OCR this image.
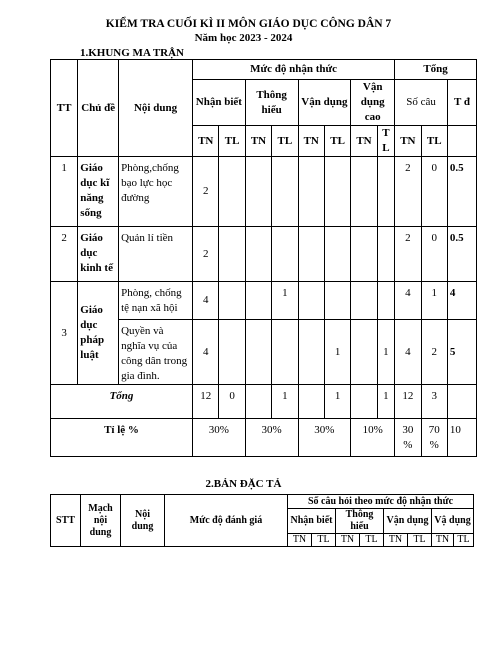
KIỂM TRA CUỐI KÌ II MÔN GIÁO DỤC CÔNG DÂN 7
Năm học 2023 - 2024
1.KHUNG MA TRẬN
TT	Chủ đề	Nội dung	Mức độ nhận thức								Tổng		
			Nhận biết		Thông hiểu		Vận dụng		Vận dụng cao		Số câu		T đ
			TN	TL	TN	TL	TN	TL	TN	T L	TN	TL	
1	Giáo dục kĩ năng sống	Phòng,chống bạo lực học đường	2								2	0	0.5
2	Giáo dục kinh tế	Quản lí tiền	2								2	0	0.5
3	Giáo dục pháp luật	Phòng, chống tệ nạn xã hội	4			1					4	1	4
		Quyền và nghĩa vụ của công dân trong gia đình.	4					1		1	4	2	5
Tổng			12	0		1		1		1	12	3	
Tỉ lệ %			30%		30%		30%		10%		30 %	70 %	10
2.BẢN ĐẶC TẢ
STT	Mạch nội dung	Nội dung	Mức độ đánh giá	Số câu hỏi theo mức độ nhận thức							
				Nhận biết		Thông hiểu		Vận dụng		Vậ dụng	
				TN	TL	TN	TL	TN	TL	TN	TL
